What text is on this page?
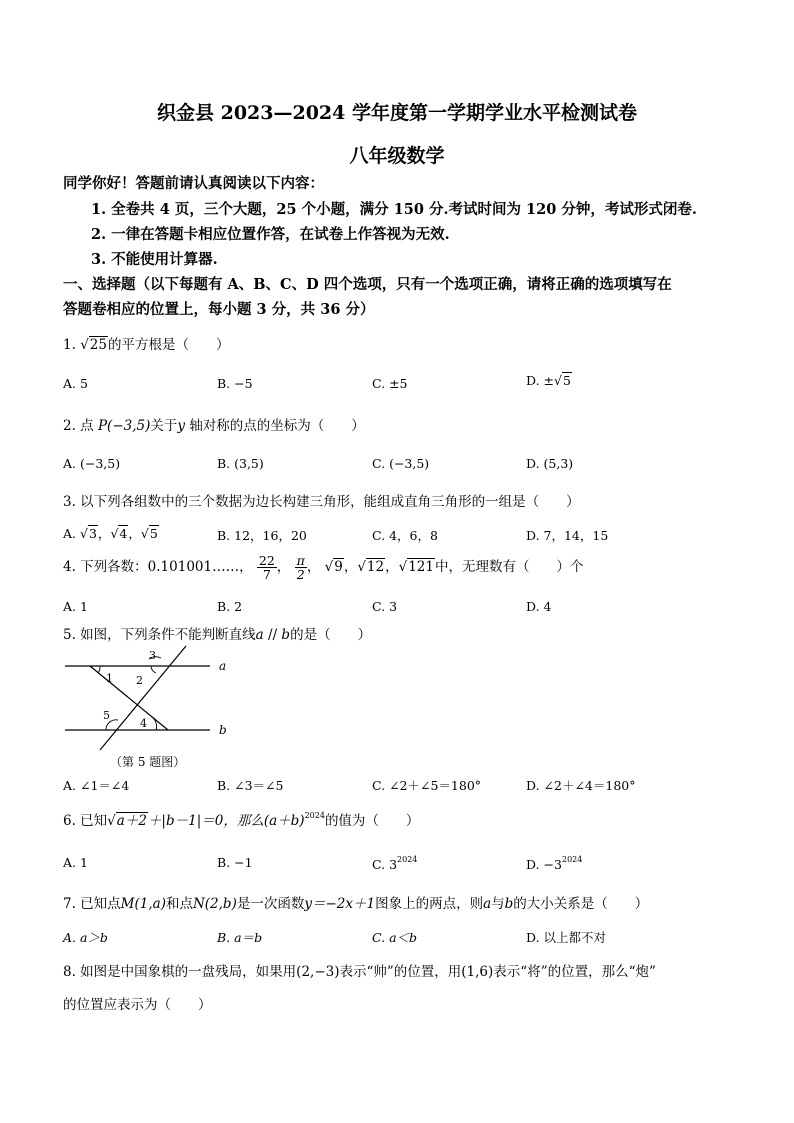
织金县 2023—2024 学年度第一学期学业水平检测试卷
八年级数学
同学你好！答题前请认真阅读以下内容：
1. 全卷共 4 页，三个大题，25 个小题，满分 150 分.考试时间为 120 分钟，考试形式闭卷.
2. 一律在答题卡相应位置作答，在试卷上作答视为无效.
3. 不能使用计算器.
一、选择题（以下每题有 A、B、C、D 四个选项，只有一个选项正确，请将正确的选项填写在
答题卷相应的位置上，每小题 3 分，共 36 分）
1. √25的平方根是（　　）
A. 5	B. −5	C. ±5	D. ±√5
2. 点 P(−3,5)关于y 轴对称的点的坐标为（　　）
A. (−3,5)	B. (3,5)	C. (−3,5)	D. (5,3)
3. 以下列各组数中的三个数据为边长构建三角形，能组成直角三角形的一组是（　　）
A. √3，√4，√5	B. 12，16，20	C. 4，6，8	D. 7，14，15
4. 下列各数：0.101001……， $\frac{22}{7}$ ， $\frac{\pi}{2}$ ， √9，√12，√121中，无理数有（　　）个
A. 1	B. 2	C. 3	D. 4
5. 如图，下列条件不能判断直线a // b的是（　　）
1 2
3
4
5
a
b
（第 5 题图）
A. ∠1＝∠4	B. ∠3＝∠5	C. ∠2＋∠5＝180°	D. ∠2＋∠4＝180°
6. 已知√a＋2＋|b－1|＝0，那么$(a+b)^{2024}$的值为（　　）
A. 1	B. −1	C. $3^{2024}$	D. $-3^{2024}$
7. 已知点M(1,a)和点N(2,b)是一次函数y＝−2x＋1图象上的两点，则a与b的大小关系是（　　）
A. a＞b	B. a＝b	C. a＜b	D. 以上都不对
8. 如图是中国象棋的一盘残局，如果用(2,−3)表示“帅”的位置，用(1,6)表示“将”的位置，那么“炮”
的位置应表示为（　　）
